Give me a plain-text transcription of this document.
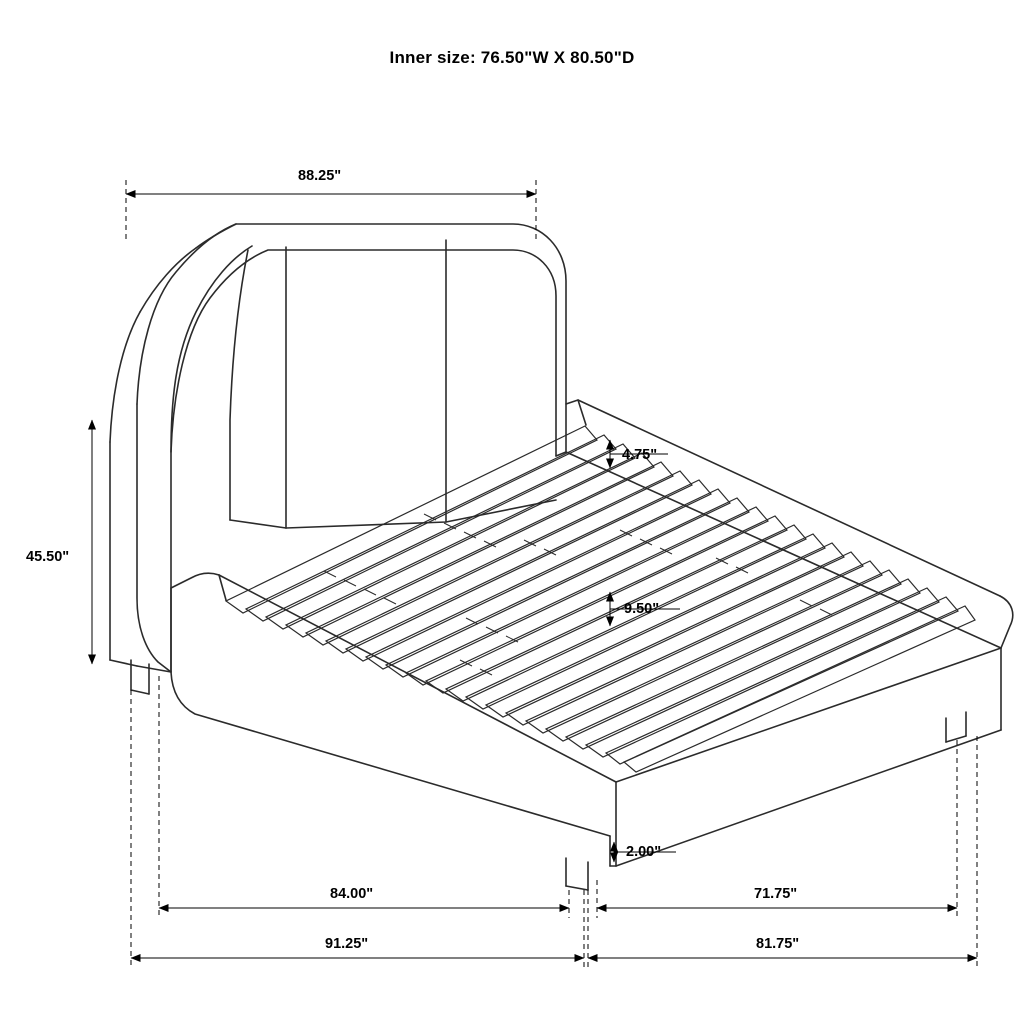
Inner size: 76.50"W X 80.50"D
88.25"
45.50"
4.75"
9.50"
2.00"
84.00"	71.75"
91.25"	81.75"
